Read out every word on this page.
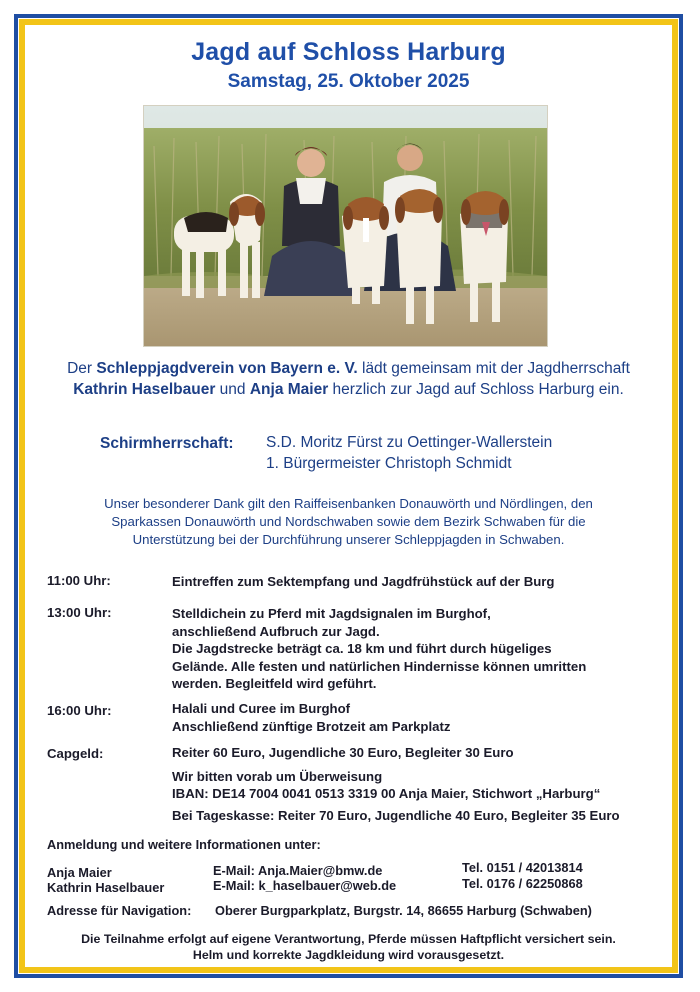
Jagd auf Schloss Harburg
Samstag, 25. Oktober 2025
Der Schleppjagdverein von Bayern e. V. lädt gemeinsam mit der Jagdherrschaft Kathrin Haselbauer und Anja Maier herzlich zur Jagd auf Schloss Harburg ein.
Schirmherrschaft: S.D. Moritz Fürst zu Oettinger-Wallerstein
1. Bürgermeister Christoph Schmidt
Unser besonderer Dank gilt den Raiffeisenbanken Donauwörth und Nördlingen, den
Sparkassen Donauwörth und Nordschwaben sowie dem Bezirk Schwaben für die
Unterstützung bei der Durchführung unserer Schleppjagden in Schwaben.
11:00 Uhr:	Eintreffen zum Sektempfang und Jagdfrühstück auf der Burg
13:00 Uhr:	Stelldichein zu Pferd mit Jagdsignalen im Burghof,
anschließend Aufbruch zur Jagd.
Die Jagdstrecke beträgt ca. 18 km und führt durch hügeliges
Gelände. Alle festen und natürlichen Hindernisse können umritten
werden. Begleitfeld wird geführt.
16:00 Uhr:	Halali und Curee im Burghof
Anschließend zünftige Brotzeit am Parkplatz
Capgeld:	Reiter 60 Euro, Jugendliche 30 Euro, Begleiter 30 Euro
Wir bitten vorab um Überweisung
IBAN: DE14 7004 0041 0513 3319 00 Anja Maier, Stichwort „Harburg“
Bei Tageskasse: Reiter 70 Euro, Jugendliche 40 Euro, Begleiter 35 Euro
Anmeldung und weitere Informationen unter:
Anja Maier	E-Mail: Anja.Maier@bmw.de	Tel. 0151 / 42013814
Kathrin Haselbauer	E-Mail: k_haselbauer@web.de	Tel. 0176 / 62250868
Adresse für Navigation: Oberer Burgparkplatz, Burgstr. 14, 86655 Harburg (Schwaben)
Die Teilnahme erfolgt auf eigene Verantwortung, Pferde müssen Haftpflicht versichert sein.
Helm und korrekte Jagdkleidung wird vorausgesetzt.
